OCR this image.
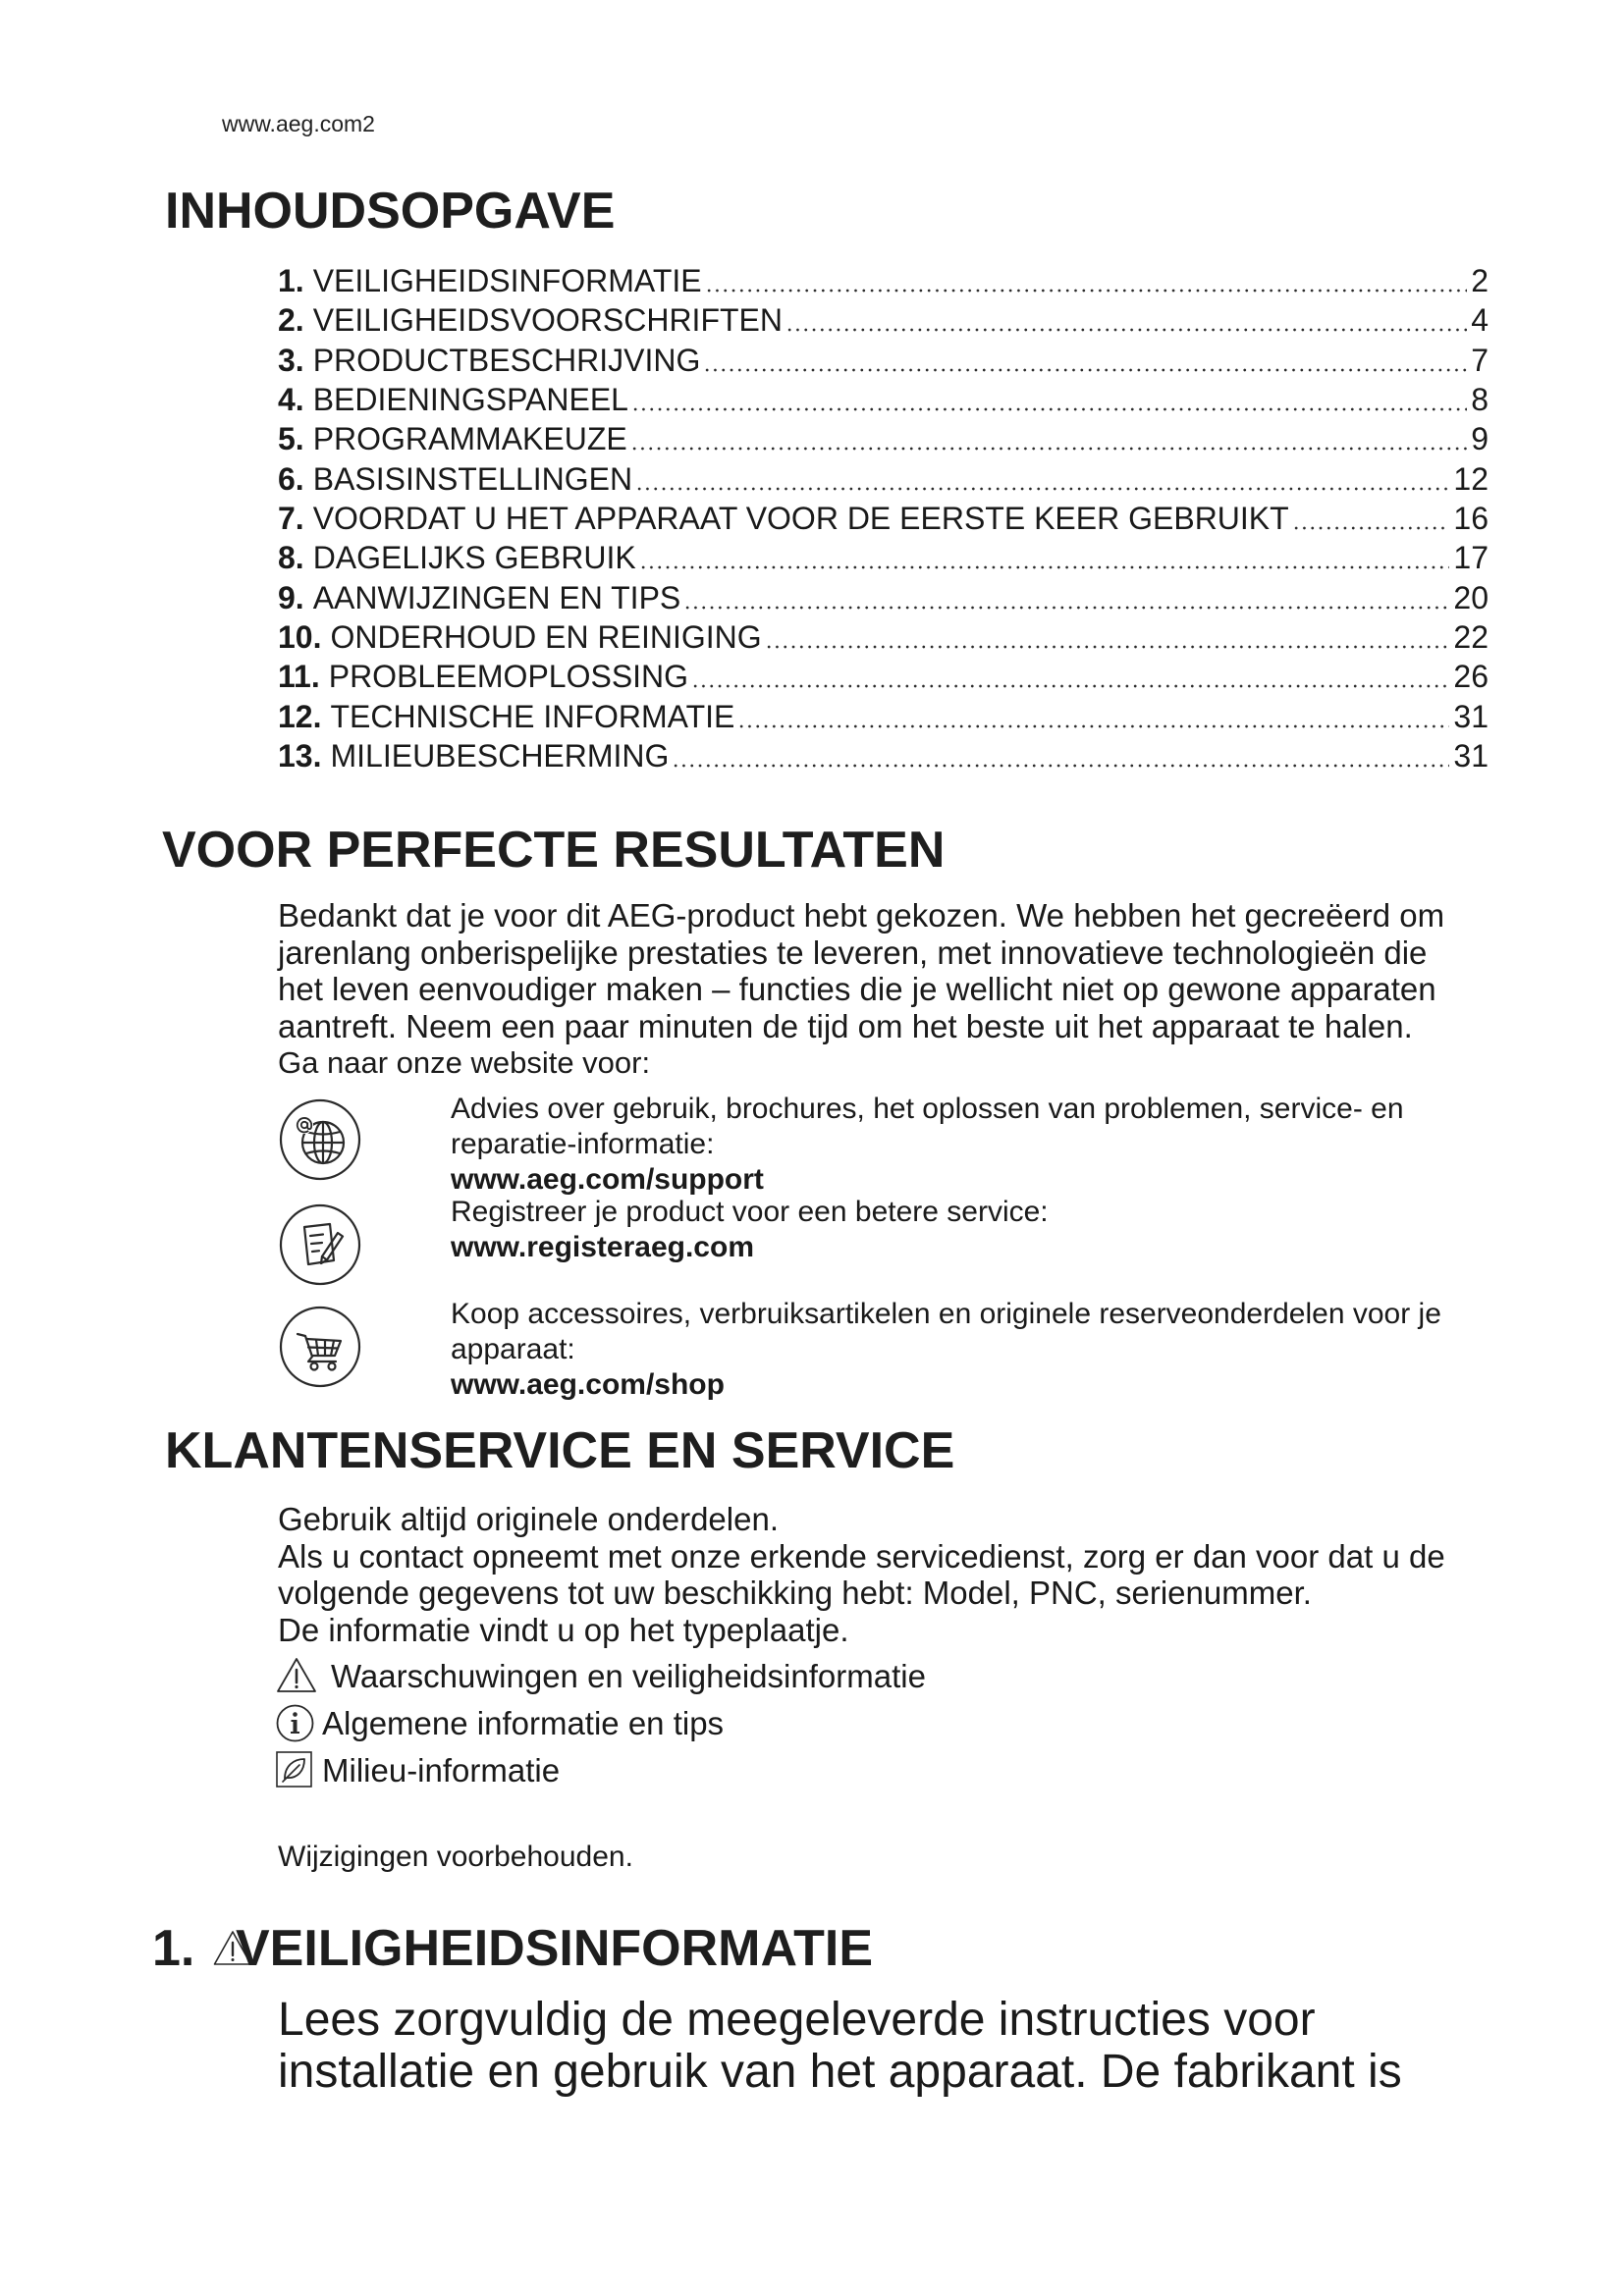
www.aeg.com2
INHOUDSOPGAVE
1. VEILIGHEIDSINFORMATIE	2
2. VEILIGHEIDSVOORSCHRIFTEN	4
3. PRODUCTBESCHRIJVING	7
4. BEDIENINGSPANEEL	8
5. PROGRAMMAKEUZE	9
6. BASISINSTELLINGEN	12
7. VOORDAT U HET APPARAAT VOOR DE EERSTE KEER GEBRUIKT	16
8. DAGELIJKS GEBRUIK	17
9. AANWIJZINGEN EN TIPS	20
10. ONDERHOUD EN REINIGING	22
11. PROBLEEMOPLOSSING	26
12. TECHNISCHE INFORMATIE	31
13. MILIEUBESCHERMING	31
VOOR PERFECTE RESULTATEN
Bedankt dat je voor dit AEG-product hebt gekozen. We hebben het gecreëerd om
jarenlang onberispelijke prestaties te leveren, met innovatieve technologieën die
het leven eenvoudiger maken – functies die je wellicht niet op gewone apparaten
aantreft. Neem een paar minuten de tijd om het beste uit het apparaat te halen.
Ga naar onze website voor:
Advies over gebruik, brochures, het oplossen van problemen, service- en
reparatie-informatie:
www.aeg.com/support
Registreer je product voor een betere service:
www.registeraeg.com
Koop accessoires, verbruiksartikelen en originele reserveonderdelen voor je
apparaat:
www.aeg.com/shop
KLANTENSERVICE EN SERVICE
Gebruik altijd originele onderdelen.
Als u contact opneemt met onze erkende servicedienst, zorg er dan voor dat u de
volgende gegevens tot uw beschikking hebt: Model, PNC, serienummer.
De informatie vindt u op het typeplaatje.
Waarschuwingen en veiligheidsinformatie
Algemene informatie en tips
Milieu-informatie
Wijzigingen voorbehouden.
1. VEILIGHEIDSINFORMATIE
Lees zorgvuldig de meegeleverde instructies voor
installatie en gebruik van het apparaat. De fabrikant is
